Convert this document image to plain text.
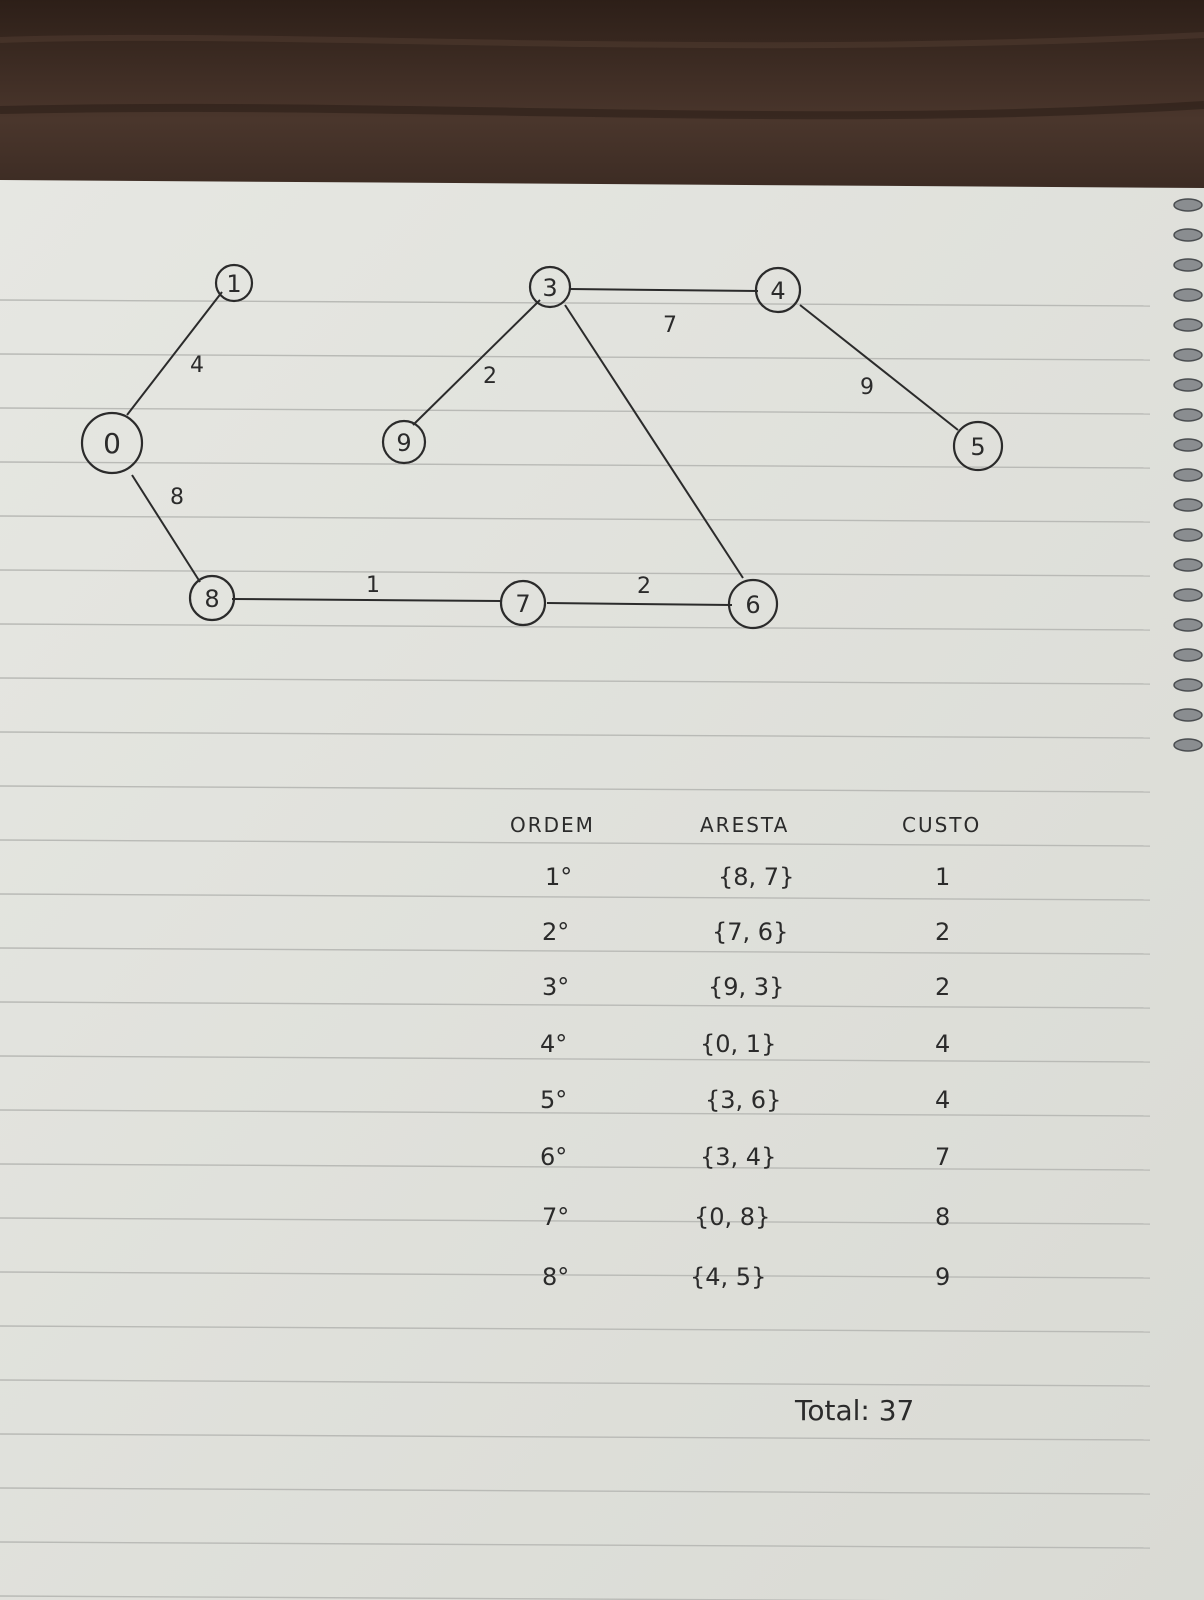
4	2
7
9
8
1	2
1	3	4
0	9	5
8	7	6
ORDEM	ARESTA	CUSTO
1°	{8, 7}	1
2°	{7, 6}	2
3°	{9, 3}	2
4°	{0, 1}	4
5°	{3, 6}	4
6°	{3, 4}	7
7°	{0, 8}	8
8°	{4, 5}	9
Total: 37
